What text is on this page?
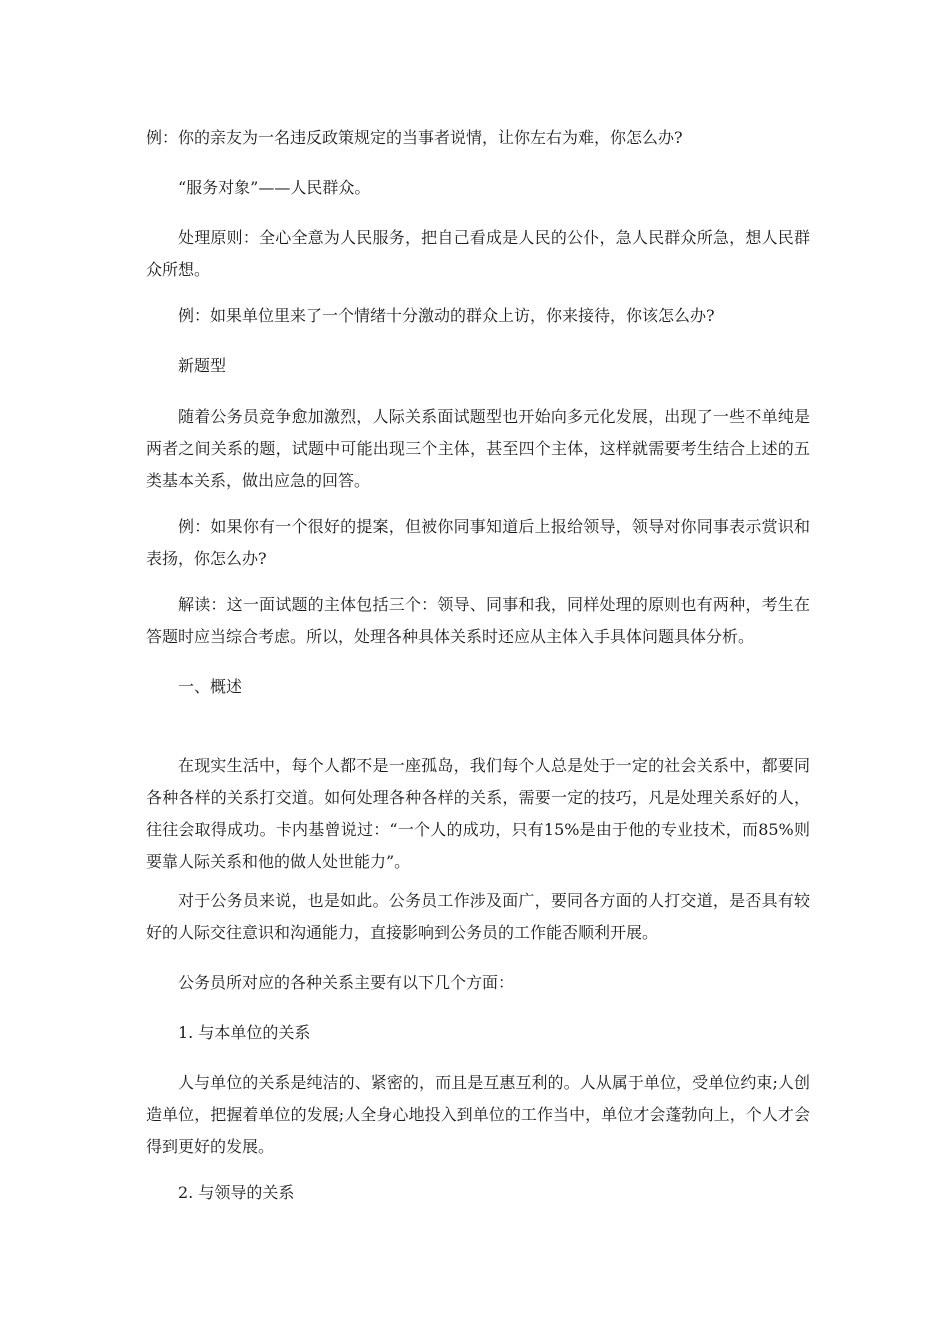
例：你的亲友为一名违反政策规定的当事者说情，让你左右为难，你怎么办?

“服务对象”——人民群众。

处理原则：全心全意为人民服务，把自己看成是人民的公仆，急人民群众所急，想人民群众所想。

例：如果单位里来了一个情绪十分激动的群众上访，你来接待，你该怎么办?

新题型

随着公务员竞争愈加激烈，人际关系面试题型也开始向多元化发展，出现了一些不单纯是两者之间关系的题，试题中可能出现三个主体，甚至四个主体，这样就需要考生结合上述的五类基本关系，做出应急的回答。

例：如果你有一个很好的提案，但被你同事知道后上报给领导，领导对你同事表示赏识和表扬，你怎么办?

解读：这一面试题的主体包括三个：领导、同事和我，同样处理的原则也有两种，考生在答题时应当综合考虑。所以，处理各种具体关系时还应从主体入手具体问题具体分析。

一、概述

在现实生活中，每个人都不是一座孤岛，我们每个人总是处于一定的社会关系中，都要同各种各样的关系打交道。如何处理各种各样的关系，需要一定的技巧，凡是处理关系好的人，往往会取得成功。卡内基曾说过：“一个人的成功，只有15%是由于他的专业技术，而85%则要靠人际关系和他的做人处世能力”。

对于公务员来说，也是如此。公务员工作涉及面广，要同各方面的人打交道，是否具有较好的人际交往意识和沟通能力，直接影响到公务员的工作能否顺利开展。

公务员所对应的各种关系主要有以下几个方面：

1. 与本单位的关系

人与单位的关系是纯洁的、紧密的，而且是互惠互利的。人从属于单位，受单位约束;人创造单位，把握着单位的发展;人全身心地投入到单位的工作当中，单位才会蓬勃向上，个人才会得到更好的发展。

2. 与领导的关系
